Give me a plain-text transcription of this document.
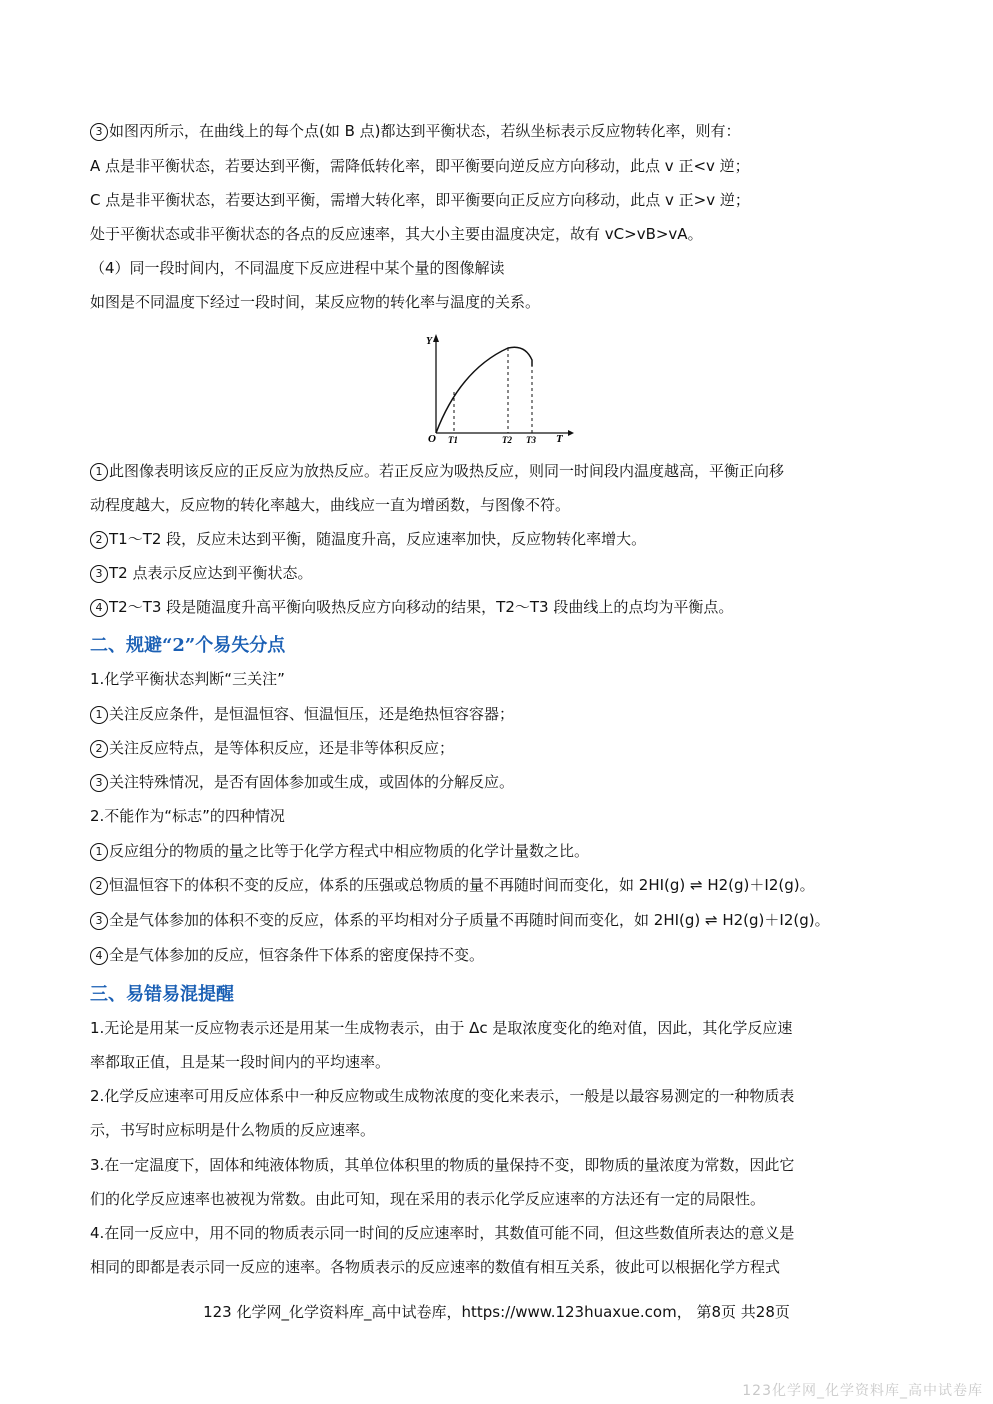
3 如图丙所示，在曲线上的每个点(如 B 点)都达到平衡状态，若纵坐标表示反应物转化率，则有：
A 点是非平衡状态，若要达到平衡，需降低转化率，即平衡要向逆反应方向移动，此点 v 正<v 逆；
C 点是非平衡状态，若要达到平衡，需增大转化率，即平衡要向正反应方向移动，此点 v 正>v 逆；
处于平衡状态或非平衡状态的各点的反应速率，其大小主要由温度决定，故有 vC>vB>vA。
（4）同一段时间内，不同温度下反应进程中某个量的图像解读
如图是不同温度下经过一段时间，某反应物的转化率与温度的关系。
Y
O	T
T1	T2 T3
1 此图像表明该反应的正反应为放热反应。若正反应为吸热反应，则同一时间段内温度越高，平衡正向移
动程度越大，反应物的转化率越大，曲线应一直为增函数，与图像不符。
2 T1～T2 段，反应未达到平衡，随温度升高，反应速率加快，反应物转化率增大。
3 T2 点表示反应达到平衡状态。
4 T2～T3 段是随温度升高平衡向吸热反应方向移动的结果，T2～T3 段曲线上的点均为平衡点。
二、规避“2”个易失分点
1.化学平衡状态判断“三关注”
1 关注反应条件，是恒温恒容、恒温恒压，还是绝热恒容容器；
2 关注反应特点，是等体积反应，还是非等体积反应；
3 关注特殊情况，是否有固体参加或生成，或固体的分解反应。
2.不能作为“标志”的四种情况
1 反应组分的物质的量之比等于化学方程式中相应物质的化学计量数之比。
2 恒温恒容下的体积不变的反应，体系的压强或总物质的量不再随时间而变化，如 2HI(g) ⇌ H2(g)＋I2(g)。
3 全是气体参加的体积不变的反应，体系的平均相对分子质量不再随时间而变化，如 2HI(g) ⇌ H2(g)＋I2(g)。
4 全是气体参加的反应，恒容条件下体系的密度保持不变。
三、易错易混提醒
1.无论是用某一反应物表示还是用某一生成物表示，由于 Δc 是取浓度变化的绝对值，因此，其化学反应速
率都取正值，且是某一段时间内的平均速率。
2.化学反应速率可用反应体系中一种反应物或生成物浓度的变化来表示，一般是以最容易测定的一种物质表
示，书写时应标明是什么物质的反应速率。
3.在一定温度下，固体和纯液体物质，其单位体积里的物质的量保持不变，即物质的量浓度为常数，因此它
们的化学反应速率也被视为常数。由此可知，现在采用的表示化学反应速率的方法还有一定的局限性。
4.在同一反应中，用不同的物质表示同一时间的反应速率时，其数值可能不同，但这些数值所表达的意义是
相同的即都是表示同一反应的速率。各物质表示的反应速率的数值有相互关系，彼此可以根据化学方程式
123 化学网_化学资料库_高中试卷库，https://www.123huaxue.com， 第8页 共28页
123化学网_化学资料库_高中试卷库
